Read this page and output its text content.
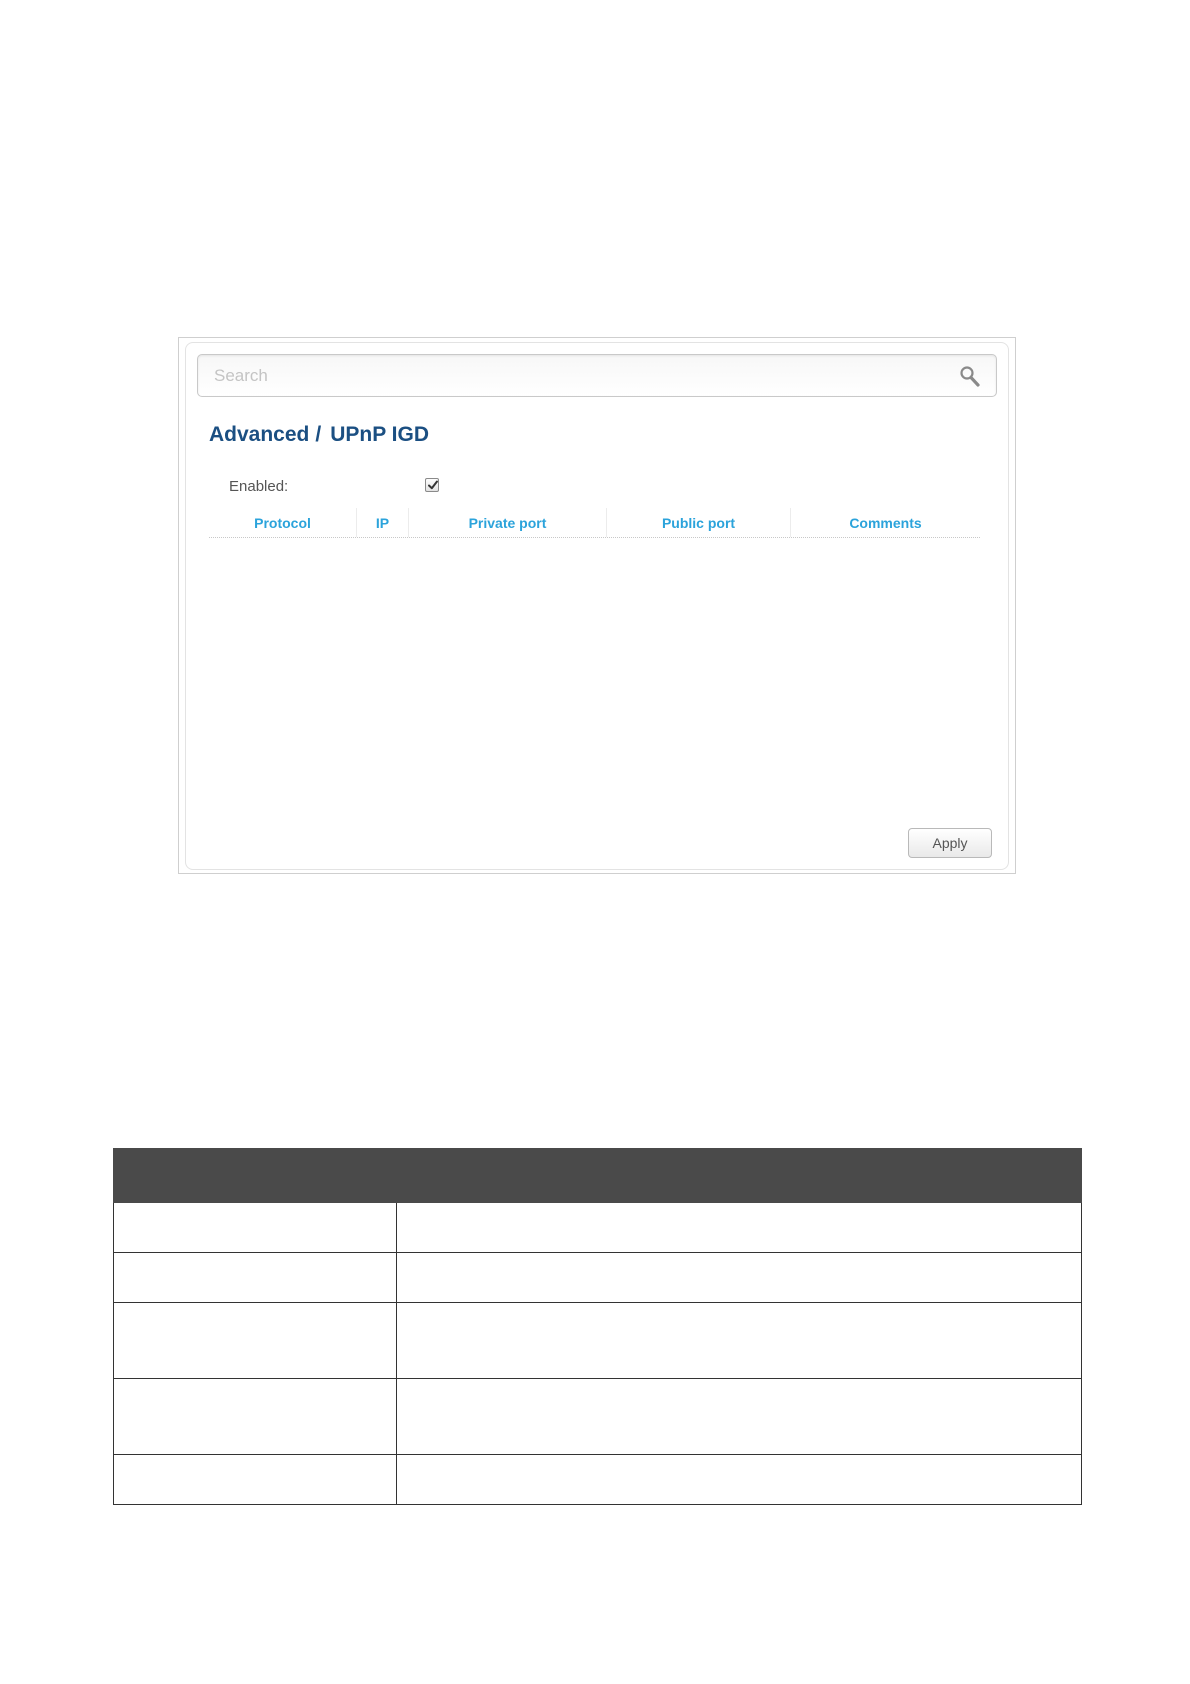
Search
Advanced / UPnP IGD
Enabled:
Protocol	IP	Private port	Public port	Comments
Apply
